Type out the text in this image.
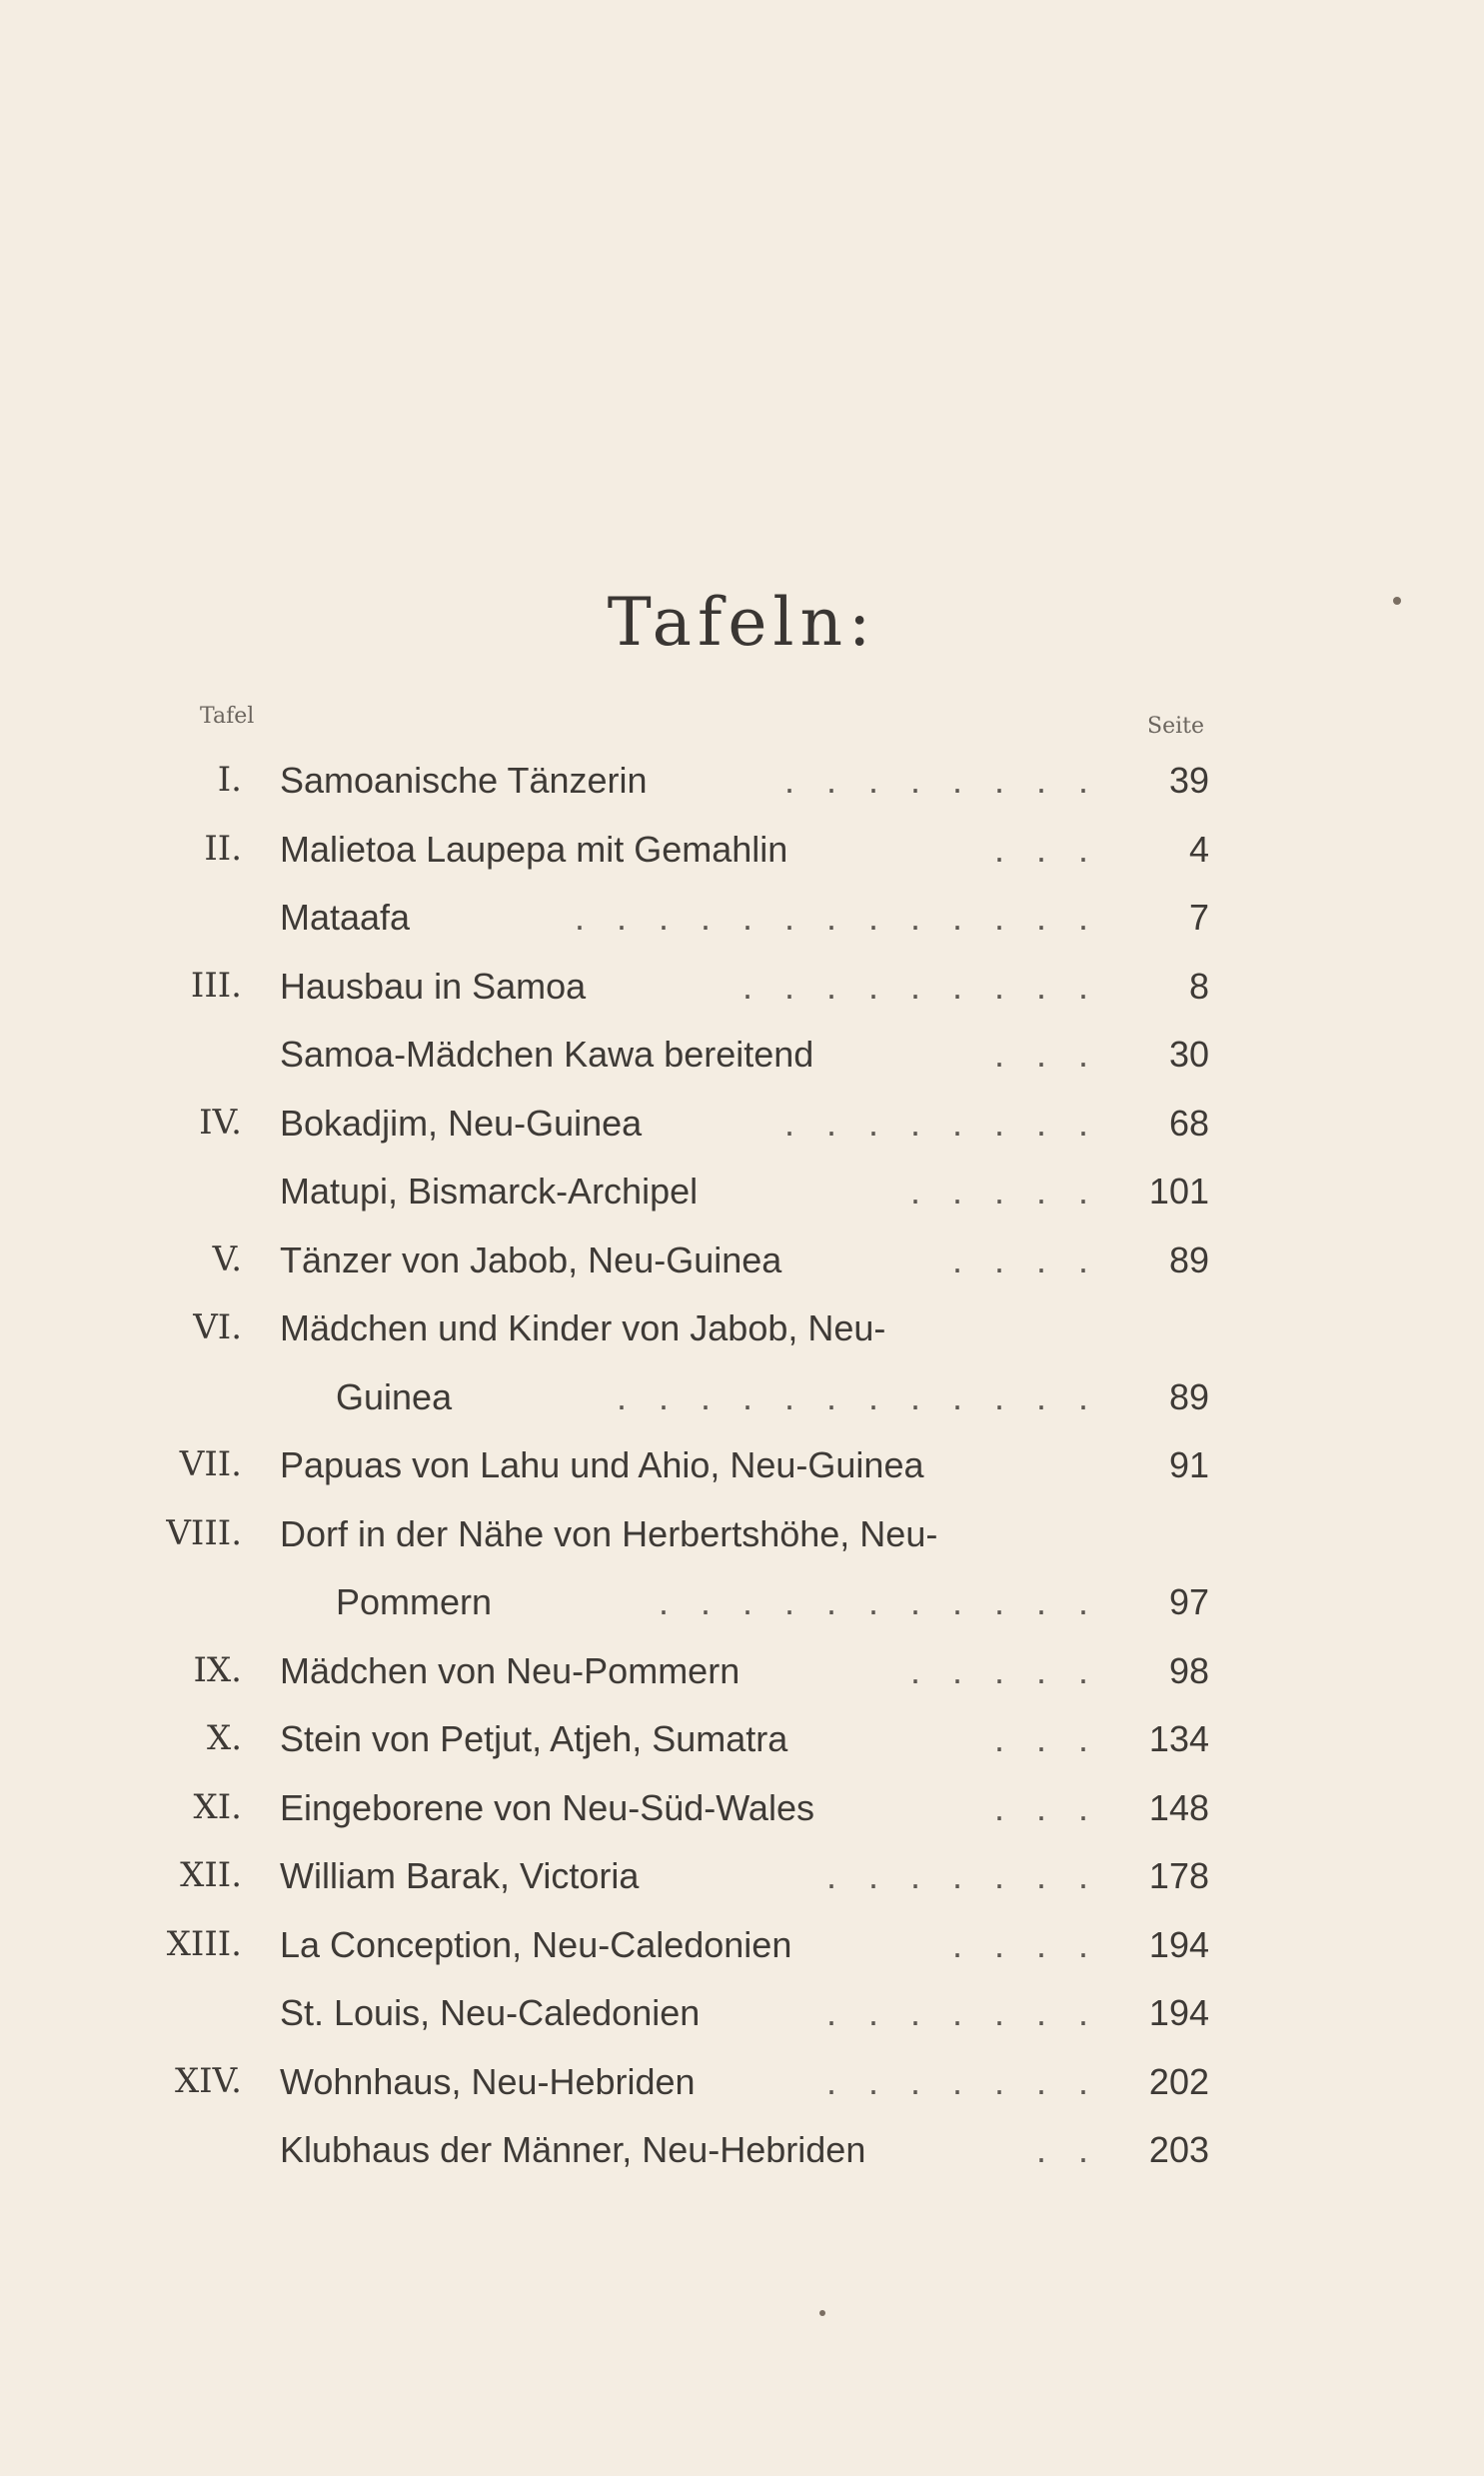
Tafeln:
Tafel	Seite
I. Samoanische Tänzerin	. . . . . . . . 39
II. Malietoa Laupepa mit Gemahlin	. . . 4
Mataafa	. . . . . . . . . . . . . 7
III. Hausbau in Samoa	. . . . . . . . . 8
Samoa-Mädchen Kawa bereitend	. . . 30
IV. Bokadjim, Neu-Guinea	. . . . . . . . 68
Matupi, Bismarck-Archipel	. . . . . 101
V. Tänzer von Jabob, Neu-Guinea	. . . . 89
VI. Mädchen und Kinder von Jabob, Neu-
Guinea	. . . . . . . . . . . . 89
VII. Papuas von Lahu und Ahio, Neu-Guinea	91
VIII. Dorf in der Nähe von Herbertshöhe, Neu-
Pommern	. . . . . . . . . . . 97
IX. Mädchen von Neu-Pommern	. . . . . 98
X. Stein von Petjut, Atjeh, Sumatra	. . . 134
XI. Eingeborene von Neu-Süd-Wales	. . . 148
XII. William Barak, Victoria	. . . . . . . 178
XIII. La Conception, Neu-Caledonien	. . . . 194
St. Louis, Neu-Caledonien	. . . . . . . 194
XIV. Wohnhaus, Neu-Hebriden	. . . . . . . 202
Klubhaus der Männer, Neu-Hebriden	. . 203
